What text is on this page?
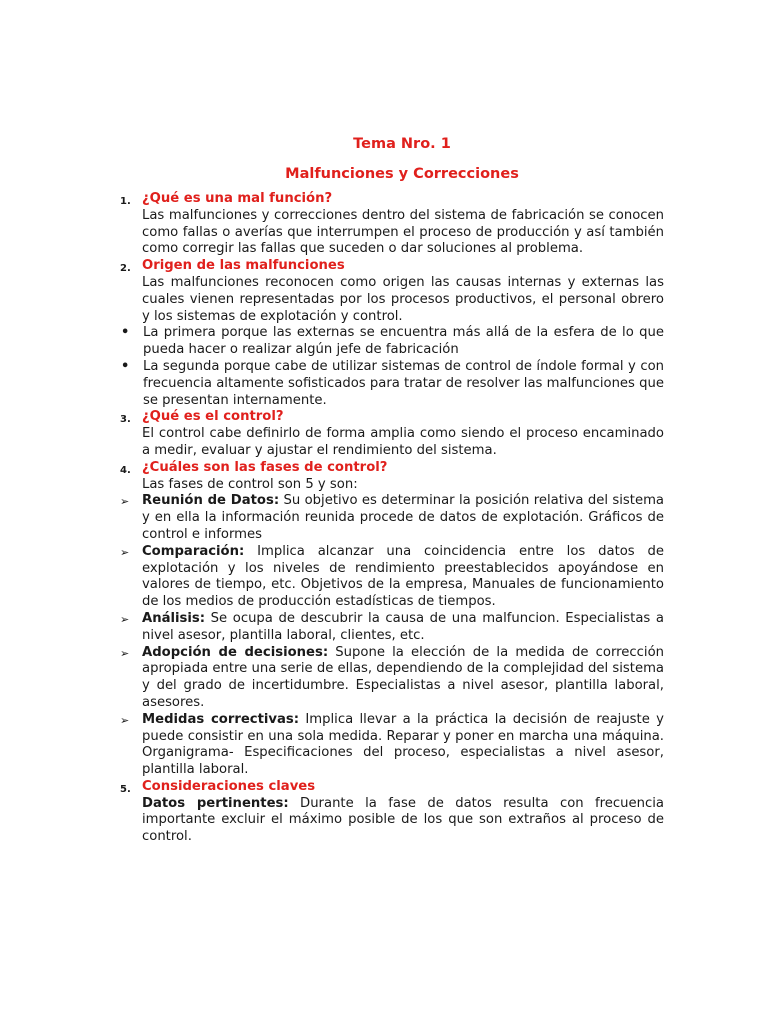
Tema Nro. 1
Malfunciones y Correcciones
1. ¿Qué es una mal función?
Las malfunciones y correcciones dentro del sistema de fabricación se conocen como fallas o averías que interrumpen el proceso de producción y así también como corregir las fallas que suceden o dar soluciones al problema.
2. Origen de las malfunciones
Las malfunciones reconocen como origen las causas internas y externas las cuales vienen representadas por los procesos productivos, el personal obrero y los sistemas de explotación y control.
•	La primera porque las externas se encuentra más allá de la esfera de lo que pueda hacer o realizar algún jefe de fabricación
•	La segunda porque cabe de utilizar sistemas de control de índole formal y con frecuencia altamente sofisticados para tratar de resolver las malfunciones que se presentan internamente.
3. ¿Qué es el control?
El control cabe definirlo de forma amplia como siendo el proceso encaminado a medir, evaluar y ajustar el rendimiento del sistema.
4. ¿Cuáles son las fases de control?
Las fases de control son 5 y son:
➢ Reunión de Datos: Su objetivo es determinar la posición relativa del sistema y en ella la información reunida procede de datos de explotación. Gráficos de control e informes
➢ Comparación: Implica alcanzar una coincidencia entre los datos de explotación y los niveles de rendimiento preestablecidos apoyándose en valores de tiempo, etc. Objetivos de la empresa, Manuales de funcionamiento de los medios de producción estadísticas de tiempos.
➢ Análisis: Se ocupa de descubrir la causa de una malfuncion. Especialistas a nivel asesor, plantilla laboral, clientes, etc.
➢ Adopción de decisiones: Supone la elección de la medida de corrección apropiada entre una serie de ellas, dependiendo de la complejidad del sistema y del grado de incertidumbre. Especialistas a nivel asesor, plantilla laboral, asesores.
➢ Medidas correctivas: Implica llevar a la práctica la decisión de reajuste y puede consistir en una sola medida. Reparar y poner en marcha una máquina. Organigrama- Especificaciones del proceso, especialistas a nivel asesor, plantilla laboral.
5. Consideraciones claves
Datos pertinentes: Durante la fase de datos resulta con frecuencia importante excluir el máximo posible de los que son extraños al proceso de control.
